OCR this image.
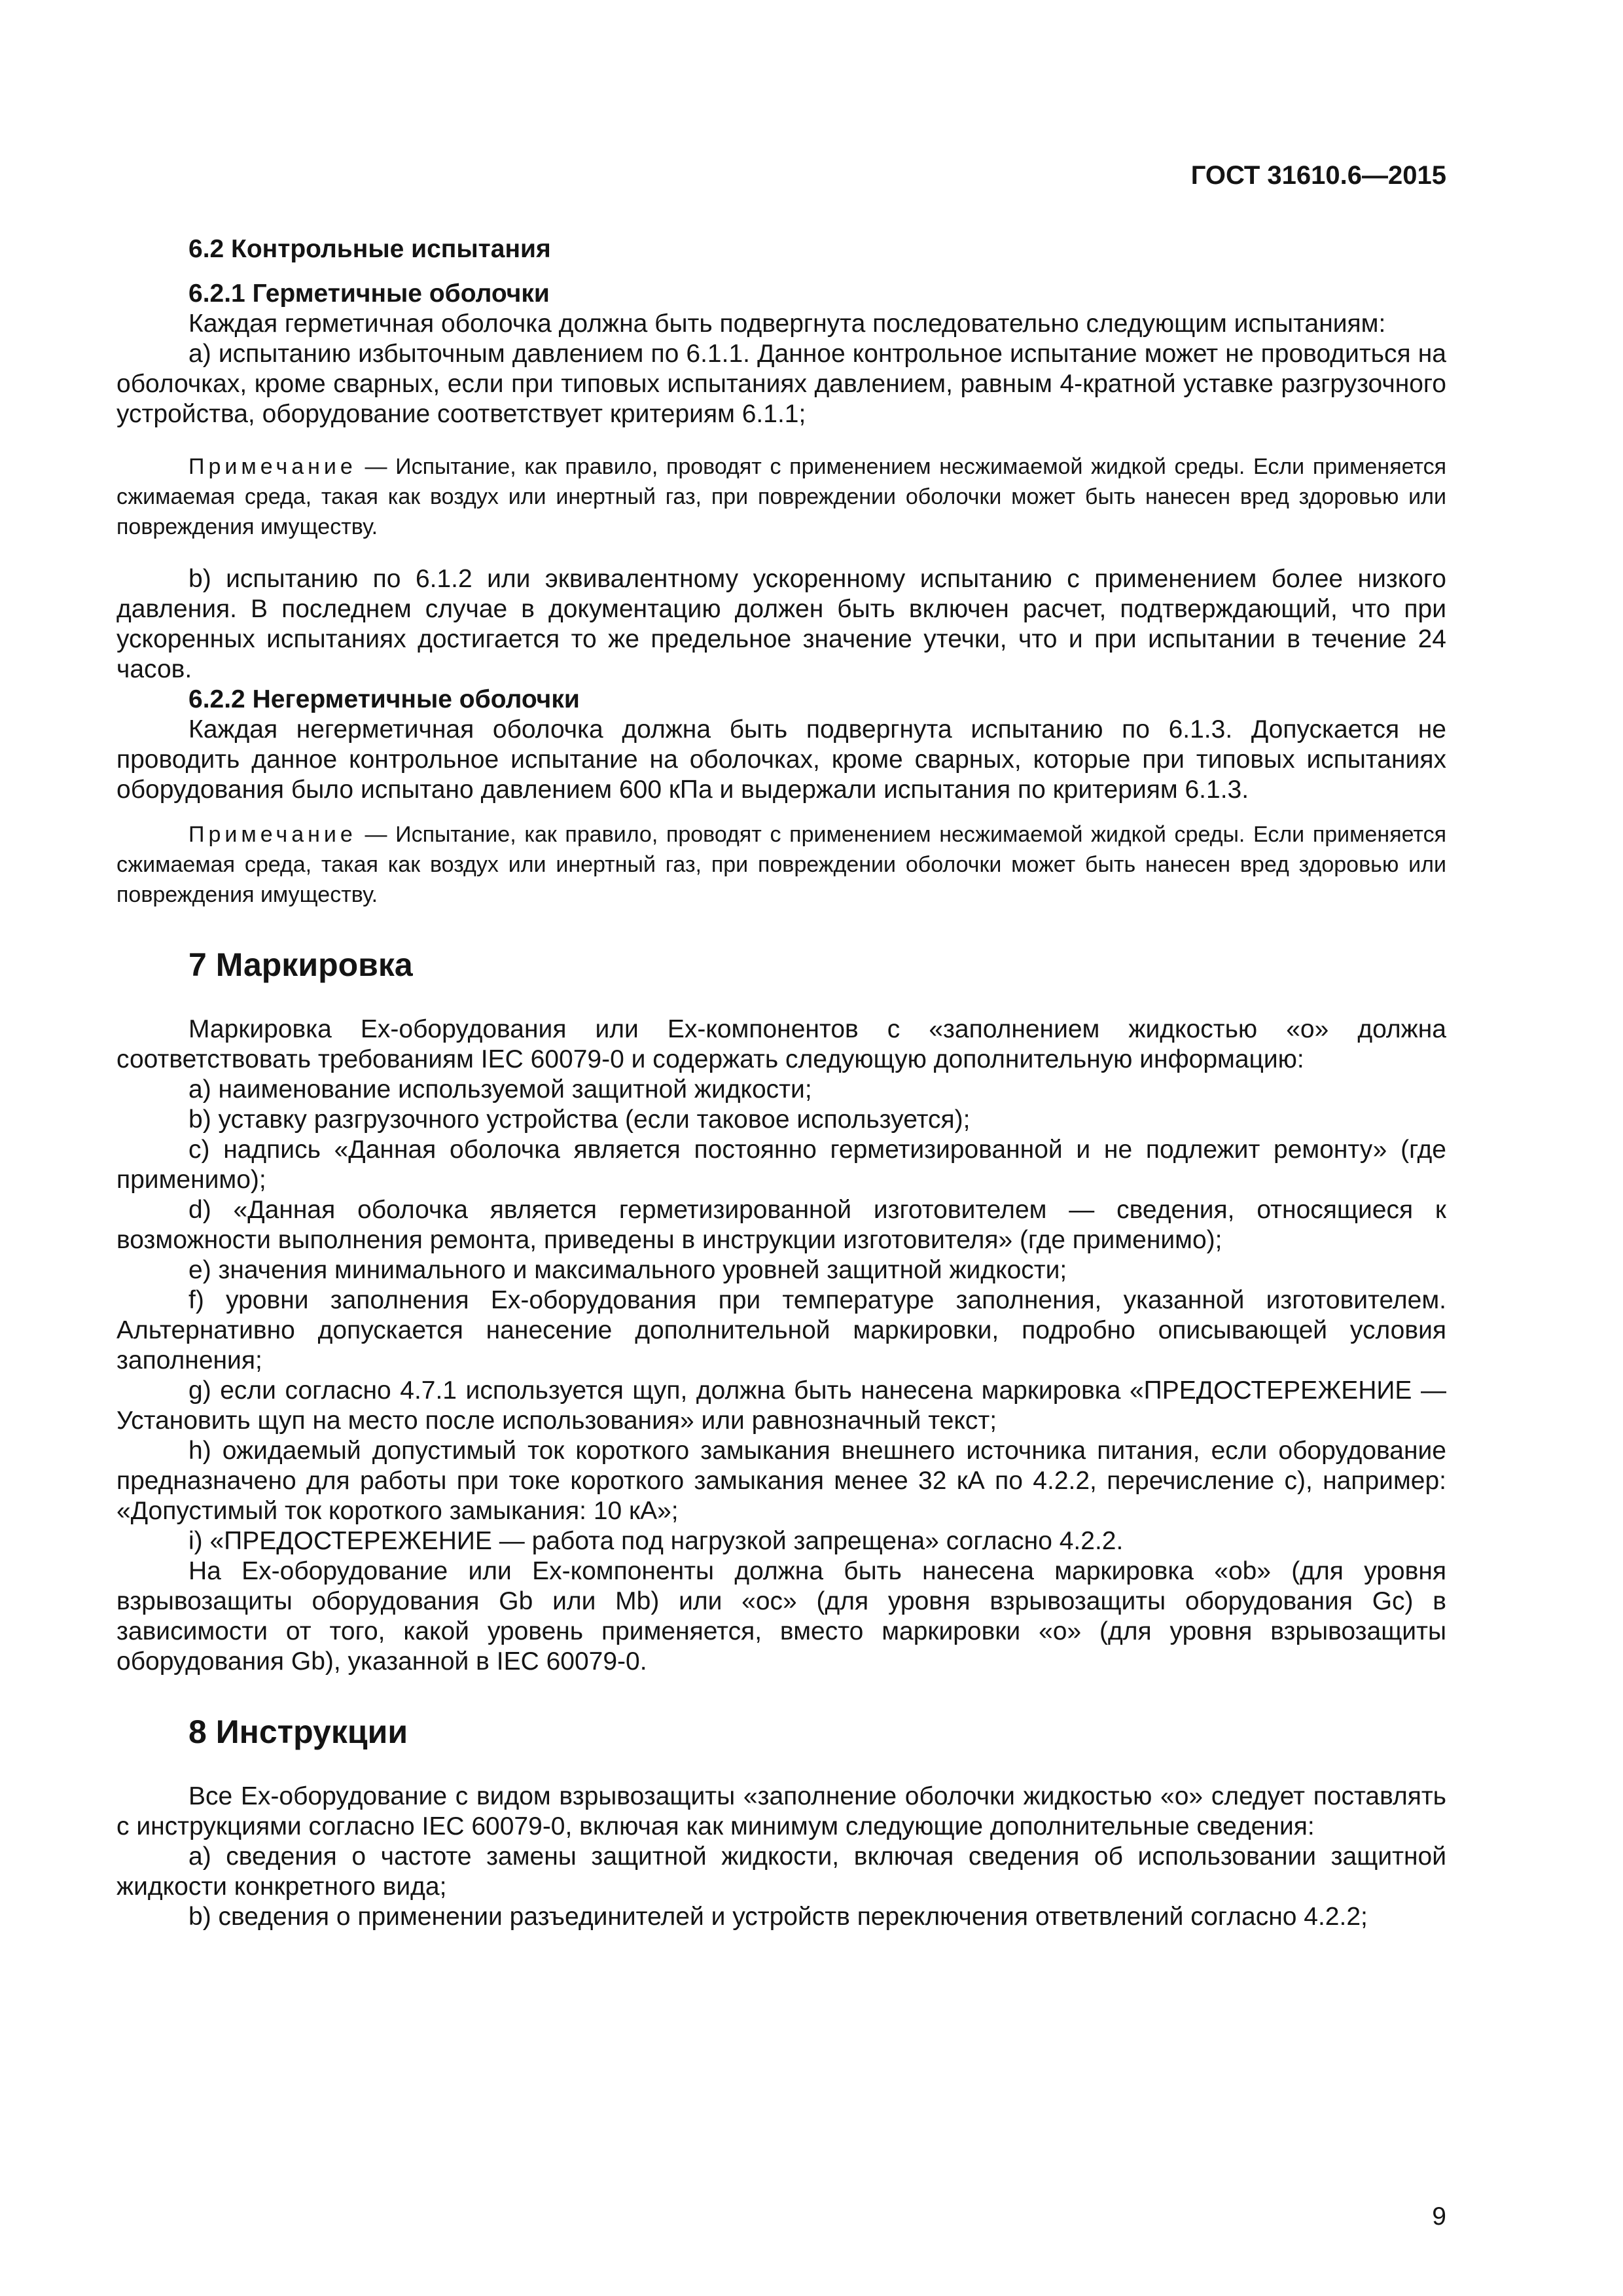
ГОСТ 31610.6—2015
6.2 Контрольные испытания
6.2.1 Герметичные оболочки

Каждая герметичная оболочка должна быть подвергнута последовательно следующим испытаниям:

a) испытанию избыточным давлением по 6.1.1. Данное контрольное испытание может не проводиться на оболочках, кроме сварных, если при типовых испытаниях давлением, равным 4-кратной уставке разгрузочного устройства, оборудование соответствует критериям 6.1.1;

Примечание — Испытание, как правило, проводят с применением несжимаемой жидкой среды. Если применяется сжимаемая среда, такая как воздух или инертный газ, при повреждении оболочки может быть нанесен вред здоровью или повреждения имуществу.

b) испытанию по 6.1.2 или эквивалентному ускоренному испытанию с применением более низкого давления. В последнем случае в документацию должен быть включен расчет, подтверждающий, что при ускоренных испытаниях достигается то же предельное значение утечки, что и при испытании в течение 24 часов.

6.2.2 Негерметичные оболочки

Каждая негерметичная оболочка должна быть подвергнута испытанию по 6.1.3. Допускается не проводить данное контрольное испытание на оболочках, кроме сварных, которые при типовых испытаниях оборудования было испытано давлением 600 кПа и выдержали испытания по критериям 6.1.3.

Примечание — Испытание, как правило, проводят с применением несжимаемой жидкой среды. Если применяется сжимаемая среда, такая как воздух или инертный газ, при повреждении оболочки может быть нанесен вред здоровью или повреждения имуществу.

7 Маркировка

Маркировка Ex-оборудования или Ex-компонентов с «заполнением жидкостью «о» должна соответствовать требованиям IEC 60079-0 и содержать следующую дополнительную информацию:

a) наименование используемой защитной жидкости;

b) уставку разгрузочного устройства (если таковое используется);

c) надпись «Данная оболочка является постоянно герметизированной и не подлежит ремонту» (где применимо);

d) «Данная оболочка является герметизированной изготовителем — сведения, относящиеся к возможности выполнения ремонта, приведены в инструкции изготовителя» (где применимо);

e) значения минимального и максимального уровней защитной жидкости;

f) уровни заполнения Ex-оборудования при температуре заполнения, указанной изготовителем. Альтернативно допускается нанесение дополнительной маркировки, подробно описывающей условия заполнения;

g) если согласно 4.7.1 используется щуп, должна быть нанесена маркировка «ПРЕДОСТЕРЕЖЕНИЕ — Установить щуп на место после использования» или равнозначный текст;

h) ожидаемый допустимый ток короткого замыкания внешнего источника питания, если оборудование предназначено для работы при токе короткого замыкания менее 32 кА по 4.2.2, перечисление с), например: «Допустимый ток короткого замыкания: 10 кА»;

i) «ПРЕДОСТЕРЕЖЕНИЕ — работа под нагрузкой запрещена» согласно 4.2.2.

На Ex-оборудование или Ex-компоненты должна быть нанесена маркировка «ob» (для уровня взрывозащиты оборудования Gb или Mb) или «oc» (для уровня взрывозащиты оборудования Gc) в зависимости от того, какой уровень применяется, вместо маркировки «o» (для уровня взрывозащиты оборудования Gb), указанной в IEC 60079-0.

8 Инструкции

Все Ex-оборудование с видом взрывозащиты «заполнение оболочки жидкостью «о» следует поставлять с инструкциями согласно IEC 60079-0, включая как минимум следующие дополнительные сведения:

a) сведения о частоте замены защитной жидкости, включая сведения об использовании защитной жидкости конкретного вида;

b) сведения о применении разъединителей и устройств переключения ответвлений согласно 4.2.2;

9
